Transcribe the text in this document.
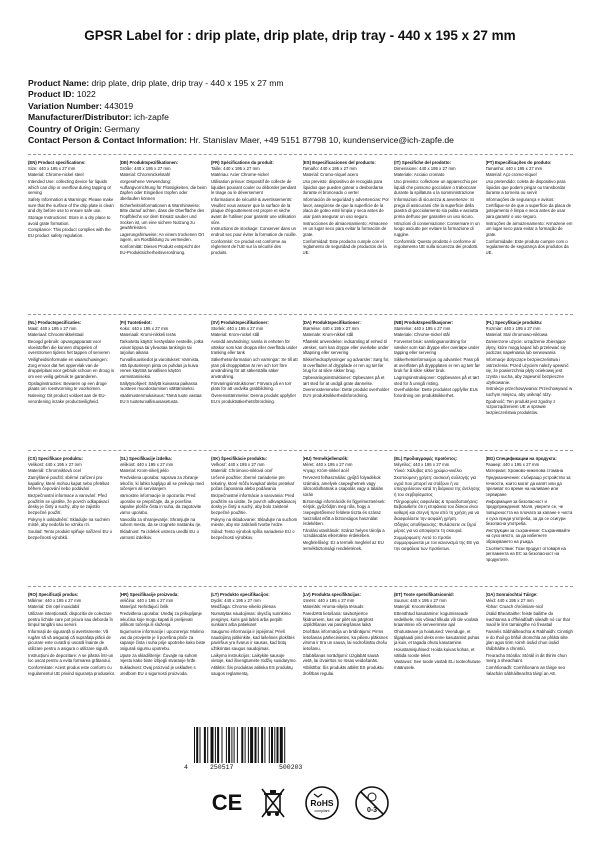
GPSR Label for : drip plate, drip plate, drip tray - 440 x 195 x 27 mm
Product Name: drip plate, drip plate, drip tray - 440 x 195 x 27 mm
Product ID: 1022
Variation Number: 443019
Manufacturer/Distributor: ich-zapfe
Country of Origin: Germany
Contact Person & Contact Information: Hr. Stanislav Maer, +49 5151 87798 10, kundenservice@ich-zapfe.de
(EN) Product specifications:

Size: 440 x 195 x 27 mm

Material: Chrome-nickel steel

Intended Use: collecting device for liquids which can drip or overflow during tapping or serving

Safety Information & Warnings: Please make sure that the surface of the drip plate is clean and dry before use to ensure safe use.

Storage Instructions: Store in a dry place to avoid grate formation.

Compliance: This product complies with the EU product safety regulation.

(DE) Produktspezifikationen:

Größe: 440 x 195 x 27 mm

Material: Chromnickelstahl

Vorgesehene Verwendung: Auffangvorrichtung für Flüssigkeiten, die beim Zapfen oder Eingießen tropfen oder überlaufen können

Sicherheitsinformationen & Warnhinweise: Bitte darauf achten, dass die Oberfläche des Tropfblechs vor dem Einsatz sauber und trocken ist, um eine sichere Nutzung zu gewährleisten.

Lagerungshinweise: An einem trockenen Ort lagern, um Rostbildung zu vermeiden.

Konformität: Dieses Produkt entspricht der EU-Produktsicherheitsverordnung.

(FR) Spécifications du produit:

Taille: 440 x 195 x 27 mm

Matériau: Acier Chrome-nickel

Utilisation prévue: Dispositif de collecte de liquides pouvant couler ou déborder pendant le tirage ou le déversement

Informations de sécurité & avertissements: Veuillez vous assurer que la surface de la plaque d'égouttement est propre et sèche avant de l'utiliser pour garantir une utilisation sûre.

Instructions de stockage: Conserver dans un endroit sec pour éviter la formation de rouille.

Conformité: Ce produit est conforme au règlement de l'UE sur la sécurité des produits.

(ES) Especificaciones del producto:

Tamaño: 440 x 195 x 27 mm

Material: Cromo-níquel acero

Uso previsto: dispositivo de recogida para líquidos que pueden gotear o desbordarse durante el bronceado o verter

Información de seguridad y advertencias: Por favor, asegúrese de que la superficie de la placa de goteo esté limpia y seca antes de usar para asegurar un uso seguro.

Instrucciones de almacenamiento: Almacene en un lugar seco para evitar la formación de grate.

Conformidad: Este producto cumple con el reglamento de seguridad de productos de la UE.

(IT) Specifiche del prodotto:

Dimensione: 440 x 195 x 27 mm

Materiale: Acciaio cromato

Uso previsto: collezione un apparecchio per liquidi che possono gocciolare o traboccare durante la spillatura o la somministrazione

Informazioni di sicurezza & avvertenze: Si prega di assicurarsi che la superficie della piastra di gocciolamento sia pulita e asciutta prima dell'uso per garantire un uso sicuro.

Istruzioni di conservazione: Conservare in un luogo asciutto per evitare la formazione di ruggine.

Conformità: Questo prodotto è conforme al regolamento UE sulla sicurezza dei prodotti.

(PT) Especificações do produto:

Tamanho: 440 x 195 x 27 mm

Material: Aço cromo-níquel

Uso pretendido: coleta de dispositivo para líquidos que podem pingar ou transbordar durante a torneira ou servir

Informações de segurança e avisos: Certifique-se de que a superfície da placa de gotejamento é limpa e seca antes de usar para garantir o uso seguro.

Instruções de armazenamento: Armazene em um lugar seco para evitar a formação de grate.

Conformidade: Este produto cumpre com o regulamento de segurança dos produtos da UE.

(NL) Productspecificaties:

Maat: 440 x 195 x 27 mm

Materiaal: Chroomnikkelstaal

Beoogd gebruik: opvangapparaat voor vloeistoffen die kunnen druppelen of overstromen tijdens het tappen of serveren

Veiligheidsinformatie en waarschuwingen: Zorg ervoor dat het oppervlak van de druppelplaat voor gebruik schoon en droog is om een veilig gebruik te garanderen.

Opslaginstructies: Bewaren op een droge plaats om roestvorming te voorkomen.

Naleving: Dit product voldoet aan de EU-verordening inzake productveiligheid.

(FI) Tuotetiedot:

Koko: 440 x 195 x 27 mm

Materiaali: Kromi-nikkeli teräs

Tarkoitettu käyttö: keräyslaite nesteille, jotka voivat tippua tai ylivuotaa tankingin tai tarjoilun aikana

Turvallisuustiedot ja varoitukset: Varmista, että tiputuslevyn pinta on puhdas ja kuiva ennen käyttöä turvallisen käytön varmistamiseksi.

Säilytysohjeet: Säilytä kuivassa paikassa ruosteen muodostumisen välttämiseksi.

Vaatimustenmukaisuus: Tämä tuote vastaa EU:n tuoteturvallisuusasetusta.

(SV) Produktspecifikationer:

Storlek: 440 x 195 x 27 mm

Material: Krom-nickel stål

Avsedd användning: samla in enheten för vätskor som kan droppa eller överflöda under tranking eller tank

Säkerhetsinformation och varningar: Se till att ytan på droppplattan är ren och torr före användning för att säkerställa säker användning.

Förvaringsinstruktioner: Förvara på en torr plats för att undvika grabbildning.

Överensstämmelse: Denna produkt uppfyller EU:s produktsäkerhetsförordning.

(DA) Produktspecifikationer:

Størrelse: 440 x 195 x 27 mm

Materiale: Krom-nikkel stål

Påtænkt anvendelse: indsamling af enhed til væsker, som kan dryppe eller overløbe under aftapning eller servering

Sikkerhedsoplysninger og advarsler: Sørg for, at overfladen af drypplade er ren og tør før brug for at sikre sikker brug.

Opbevaringsinstruktioner: Opbevares på et tørt sted for at undgå grate dannelse.

Overensstemmelse: Dette produkt overholder EU's produktsikkerhedsforordning.

(NB) Produktspesifikasjoner:

Størrelse: 440 x 195 x 27 mm

Materiale: Chrome-nickel stål

Forventet bruk: samlingsanordning for væsker som kan dryppe eller overløpe under tapping eller servering

Sikkerhetsinformasjon og advarsler: Pass på at overflaten på dryppplaten er ren og tørr før bruk for å sikre sikker bruk.

Lagringsinstruksjoner: Oppbevares på et tørt sted for å unngå risting.

Overholdelse: Dette produktet oppfyller EUs forordning om produktsikkerhet.

(PL) Specyfikacje produktu:

Rozmiar: 440 x 195 x 27 mm

Materiał: Stal chromowo-niklowa

Zamierzone użycie: urządzenie zbierające płyny, które mogą kapać lub przelewać się podczas napełniania lub serwowania

Informacje dotyczące bezpieczeństwa i ostrzeżenia: Przed użyciem należy upewnić się, że powierzchnia płyty ociekowej jest czysta i sucha, aby zapewnić bezpieczne użytkowanie.

Instrukcje przechowywania: Przechowywać w suchym miejscu, aby uniknąć rdzy.

Zgodność: Ten produkt jest zgodny z rozporządzeniem UE w sprawie bezpieczeństwa produktów.

(CS) Specifikace produktu:

Velikost: 440 x 195 x 27 mm

Materiál: Chromniklová ocel

Zamýšlené použití: sběrné zařízení pro kapaliny, které mohou kapat nebo přetékat během čepování nebo podávání

Bezpečnostní informace a varování: Před použitím se ujistěte, že povrch odkapávací desky je čistý a suchý, aby se zajistilo bezpečné použití.

Pokyny k uskladnění: Skladujte na suchém místě, aby nedošlo ke vzniku rzi.

Soulad: Tento produkt splňuje nařízení EU o bezpečnosti výrobků.

(SL) Specifikacije izdelka:

Velikost: 440 x 195 x 27 mm

Material: Krom-nikelj jeklo

Predvidena uporaba: naprava za zbiranje tekočin, ki lahko kapljajo ali se prelivajo med točenjem ali serviranjem

Varnostne informacije in opozorila: Pred uporabo se prepričajte, da je površina kapalne plošče čista in suha, da zagotovite varno uporabo.

Navodila za shranjevanje: Shranjujte na suhem mestu, da se izognete nastanku rje.

Skladnost: Ta izdelek ustreza uredbi EU o varnosti izdelkov.

(SK) Špecifikácie produktu:

Veľkosť: 440 x 195 x 27 mm

Materiál: Chrómovo-niklová oceľ

Určené použitie: zberné zariadenie pre tekutiny, ktoré môžu kvapkať alebo pretekať počas čapovania alebo podávania

Bezpečnostné informácie a varovania: Pred použitím sa uistite, že povrch odkvapkávacej dosky je čistý a suchý, aby bolo zaistené bezpečné použitie.

Pokyny na skladovanie: Skladujte na suchom mieste, aby ste zabránili tvorbe hrdze.

Súlad: Tento výrobok spĺňa nariadenie EÚ o bezpečnosti výrobkov.

(HU) Termékjellemzők:

Méret: 440 x 195 x 27 mm

Anyag: Króm-nikkel acél

Tervezett felhasználás: gyűjtő folyadékok számára, amelyek csepeghetnek vagy túlcsordulhatnak a csapolás vagy a tálalás során

Biztonsági információk és figyelmeztetések: Kérjük, győződjön meg róla, hogy a csepegtetőlemez felülete tiszta és száraz használat előtt a biztonságos használat érdekében.

Tárolási utasítások: Száraz helyen tárolja a rozsdásodás elkerülése érdekében.

Megfelelőség: Ez a termék megfelel az EU termékbiztonsági rendeletének.

(EL) Προδιαγραφές προϊόντος:

Μέγεθος: 440 x 195 x 27 mm

Υλικό: Χάλυβας από χρώμιο-νικέλιο

Σκοπούμενη χρήση: συσκευή συλλογής για υγρά που μπορεί να στάξουν ή να υπερχειλίσουν κατά τη διάρκεια της άντλησης ή του σερβιρίσματος

Πληροφορίες ασφαλείας & προειδοποιήσεις: Βεβαιωθείτε ότι η επιφάνεια του δίσκου είναι καθαρή και στεγνή πριν από τη χρήση για να διασφαλίσετε την ασφαλή χρήση.

Οδηγίες αποθήκευσης: Φυλάσσετε σε ξηρό μέρος για να αποφύγετε τη σκουριά.

Συμμόρφωση: Αυτό το προϊόν συμμορφώνεται με τον κανονισμό της ΕΕ για την ασφάλεια των προϊόντων.

(BG) Спецификации на продукта:

Размер: 440 x 195 x 27 mm

Материал: Хромово-никелова стомана

Предназначение: събиращо устройство за течности, които могат да капят или да преливат по време на наливане или сервиране

Информация за безопасност и предупреждения: Моля, уверете се, че повърхността на плочата за капане е чиста и суха преди употреба, за да се осигури безопасна употреба.

Инструкции за съхранение: Съхранявайте на сухо място, за да избегнете образуването на ръжда.

Съответствие: Този продукт отговаря на регламента на ЕС за безопасност на продуктите.

(RO) Specificații produs:

Mărime: 440 x 195 x 27 mm

Material: Din oțel inoxidabil

Utilizare intenționată: dispozitiv de colectare pentru lichide care pot picura sau deborda în timpul tangării sau servirii

Informații de siguranță și avertismente: Vă rugăm să vă asigurați că suprafața plăcii de picurare este curată și uscată înainte de utilizare pentru a asigura o utilizare sigură.

Instrucțiuni de depozitare: A se păstra într-un loc uscat pentru a evita formarea grătarului.

Conformitate: Acest produs este conform cu regulamentul UE privind siguranța produselor.

(HR) Specifikacije proizvoda:

Veličina: 440 x 195 x 27 mm

Materijal: Nehrđajući čelik

Predviđena uporaba: Uređaj za prikupljanje tekućina koje mogu kapati ili prelijevati prilikom točenja ili služenja

Sigurnosne informacije i upozorenja: Molimo vas da provjerite je li površina ploče za kapanje čista i suha prije upotrebe kako biste osigurali sigurnu upotrebu.

Upute za skladištenje: Čuvajte na suhom mjestu kako biste izbjegli stvaranje hrđe.

Sukladnost: Ovaj proizvod je usklađen s uredbom EU o sigurnosti proizvoda.

(LT) Produkto specifikacijos:

Dydis: 440 x 195 x 27 mm

Medžiaga: Chromo-nikelio plienas

Numatytas naudojimas: skysčių surinkimo įrenginys, kuris gali lašėti arba perpilti sunkiant arba patiekiant

Saugumo informacija ir įspėjimai: Prieš naudojimą įsitikinkite, kad lašelinės plokštės paviršius yra švarus ir sausas, kad būtų užtikrintas saugus naudojimas.

Laikymo instrukcijos: Laikykite sausoje vietoje, kad išvengtumėte rūdžių susidarymo.

Atitiktis: Šis produktas atitinka ES produktų saugos reglamentą.

(LV) Produkta specifikācijas:

Izmērs: 440 x 195 x 27 mm

Materiāls: Hroma-niķeļa tērauds

Paredzētā lietošana: savācējierīce šķidrumiem, kas var pilēt vai pārplūst uzpildīšanas vai pasniegšanas laikā

Drošības informācija un brīdinājumi: Pirms lietošanas pārliecinieties, ka pilienu plāksnes virsma ir tīra un sausa, lai nodrošinātu drošu lietošanu.

Glabāšanas norādījumi: Uzglabāt sausā vietā, lai izvairītos no rūsas veidošanās.

Atbilstība: Šis produkts atbilst ES produktu drošības regulai.

(ET) Toote spetsifikatsioonid:

Suurus: 440 x 195 x 27 mm

Materjal: Kroomnikkelteras

Ettenähtud kasutamine: kogumisseade vedelikele, mis võivad tilkuda või üle voolata kraanimise või serveerimise ajal

Ohutusteave ja hoiatused: Veenduge, et tilgaplaadi pind oleks enne kasutamist puhas ja kuiv, et tagada ohutu kasutamine.

Hoiustamisjuhised: Hoida kuivas kohas, et vältida rooste teket.

Vastavus: See toode vastab ELi tooteohutuse määrusele.

(GA) Sonraíochtaí Táirge:

Méid: 440 x 195 x 27 mm

Ábhar: Cruach chróimiam-nicil

Úsáid Bheartaithe: feiste bailithe do leachtanna a d'fhéadfadh sileadh nó cur thar maoil le linn tarraingthe nó freastail

Faisnéis Sábháilteachta & Rabhaidh: Cinntigh le do thoil go bhfuil dromchla an phláta silte glan agus tirim roimh úsáid chun úsáid shábháilte a chinntiú.

Treoracha Stórála: Stóráil in áit thirim chun meirg a sheachaint.

Comhlíonadh: Comhlíonann an táirge seo rialachán sábháilteachta táirgí an AE.

4	250517	500203
CE	RoHS
compliant	0-3
